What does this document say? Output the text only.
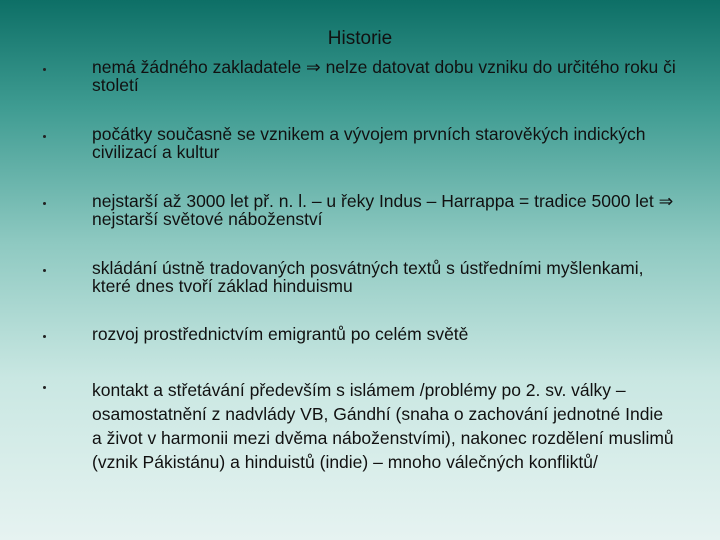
Historie
nemá žádného zakladatele ⇒ nelze datovat dobu vzniku do určitého roku či století
počátky současně se vznikem a vývojem prvních starověkých indických civilizací a kultur
nejstarší až 3000 let př. n. l. – u řeky Indus – Harrappa = tradice 5000 let ⇒ nejstarší světové náboženství
skládání ústně tradovaných posvátných textů s ústředními myšlenkami, které dnes tvoří základ hinduismu
rozvoj prostřednictvím emigrantů po celém světě
kontakt a střetávání především s islámem /problémy po 2. sv. války – osamostatnění z nadvlády VB, Gándhí (snaha o zachování jednotné Indie a život v harmonii mezi dvěma náboženstvími), nakonec rozdělení muslimů (vznik Pákistánu) a hinduistů (indie) – mnoho válečných konfliktů/
